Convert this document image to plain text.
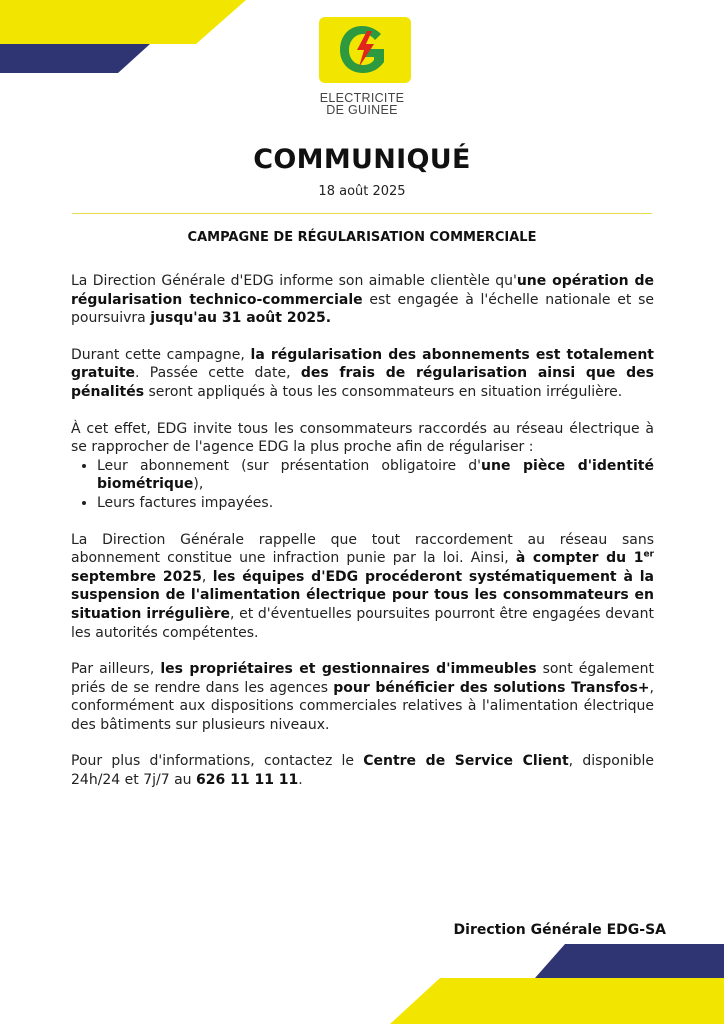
ELECTRICITE
DE GUINEE
COMMUNIQUÉ
18 août 2025
CAMPAGNE DE RÉGULARISATION COMMERCIALE

La Direction Générale d'EDG informe son aimable clientèle qu'une opération de régularisation technico-commerciale est engagée à l'échelle nationale et se poursuivra jusqu'au 31 août 2025.

Durant cette campagne, la régularisation des abonnements est totalement gratuite. Passée cette date, des frais de régularisation ainsi que des pénalités seront appliqués à tous les consommateurs en situation irrégulière.

À cet effet, EDG invite tous les consommateurs raccordés au réseau électrique à se rapprocher de l'agence EDG la plus proche afin de régulariser :

• Leur abonnement (sur présentation obligatoire d'une pièce d'identité biométrique),
• Leurs factures impayées.

La Direction Générale rappelle que tout raccordement au réseau sans abonnement constitue une infraction punie par la loi. Ainsi, à compter du 1er septembre 2025, les équipes d'EDG procéderont systématiquement à la suspension de l'alimentation électrique pour tous les consommateurs en situation irrégulière, et d'éventuelles poursuites pourront être engagées devant les autorités compétentes.

Par ailleurs, les propriétaires et gestionnaires d'immeubles sont également priés de se rendre dans les agences pour bénéficier des solutions Transfos+, conformément aux dispositions commerciales relatives à l'alimentation électrique des bâtiments sur plusieurs niveaux.

Pour plus d'informations, contactez le Centre de Service Client, disponible 24h/24 et 7j/7 au 626 11 11 11.

Direction Générale EDG-SA
